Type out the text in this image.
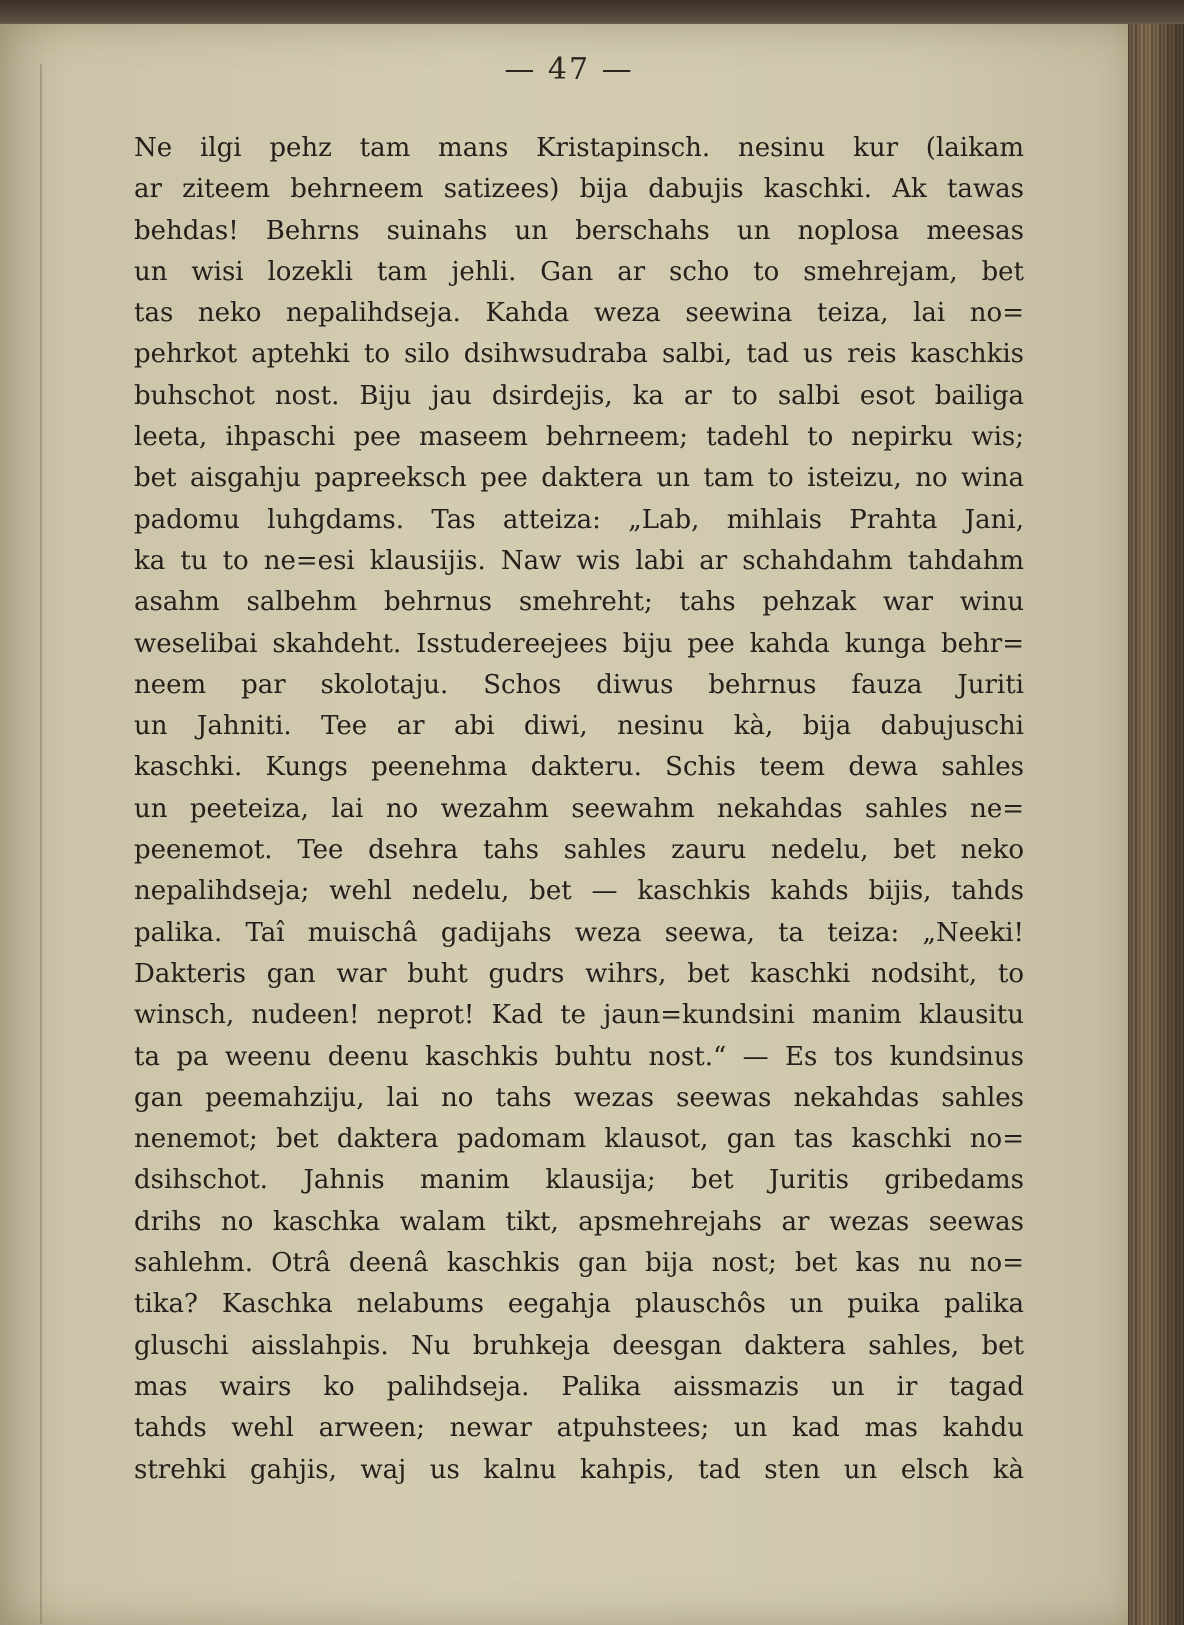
— 47 —
Ne ilgi pehz tam mans Kristapinsch. nesinu kur (laikam
ar ziteem behrneem satizees) bija dabujis kaschki. Ak tawas
behdas! Behrns suinahs un berschahs un noplosa meesas
un wisi lozekli tam jehli. Gan ar scho to smehrejam, bet
tas neko nepalihdseja. Kahda weza seewina teiza, lai no=
pehrkot aptehki to silo dsihwsudraba salbi, tad us reis kaschkis
buhschot nost. Biju jau dsirdejis, ka ar to salbi esot bailiga
leeta, ihpaschi pee maseem behrneem; tadehl to nepirku wis;
bet aisgahju papreeksch pee daktera un tam to isteizu, no wina
padomu luhgdams. Tas atteiza: „Lab, mihlais Prahta Jani,
ka tu to ne=esi klausijis. Naw wis labi ar schahdahm tahdahm
asahm salbehm behrnus smehreht; tahs pehzak war winu
weselibai skahdeht. Isstudereejees biju pee kahda kunga behr=
neem par skolotaju. Schos diwus behrnus fauza Juriti
un Jahniti. Tee ar abi diwi, nesinu kà, bija dabujuschi
kaschki. Kungs peenehma dakteru. Schis teem dewa sahles
un peeteiza, lai no wezahm seewahm nekahdas sahles ne=
peenemot. Tee dsehra tahs sahles zauru nedelu, bet neko
nepalihdseja; wehl nedelu, bet — kaschkis kahds bijis, tahds
palika. Taî muischâ gadijahs weza seewa, ta teiza: „Neeki!
Dakteris gan war buht gudrs wihrs, bet kaschki nodsiht, to
winsch, nudeen! neprot! Kad te jaun=kundsini manim klausitu
ta pa weenu deenu kaschkis buhtu nost.“ — Es tos kundsinus
gan peemahziju, lai no tahs wezas seewas nekahdas sahles
nenemot; bet daktera padomam klausot, gan tas kaschki no=
dsihschot. Jahnis manim klausija; bet Juritis gribedams
drihs no kaschka walam tikt, apsmehrejahs ar wezas seewas
sahlehm. Otrâ deenâ kaschkis gan bija nost; bet kas nu no=
tika? Kaschka nelabums eegahja plauschôs un puika palika
gluschi aisslahpis. Nu bruhkeja deesgan daktera sahles, bet
mas wairs ko palihdseja. Palika aissmazis un ir tagad
tahds wehl arween; newar atpuhstees; un kad mas kahdu
strehki gahjis, waj us kalnu kahpis, tad sten un elsch kà
